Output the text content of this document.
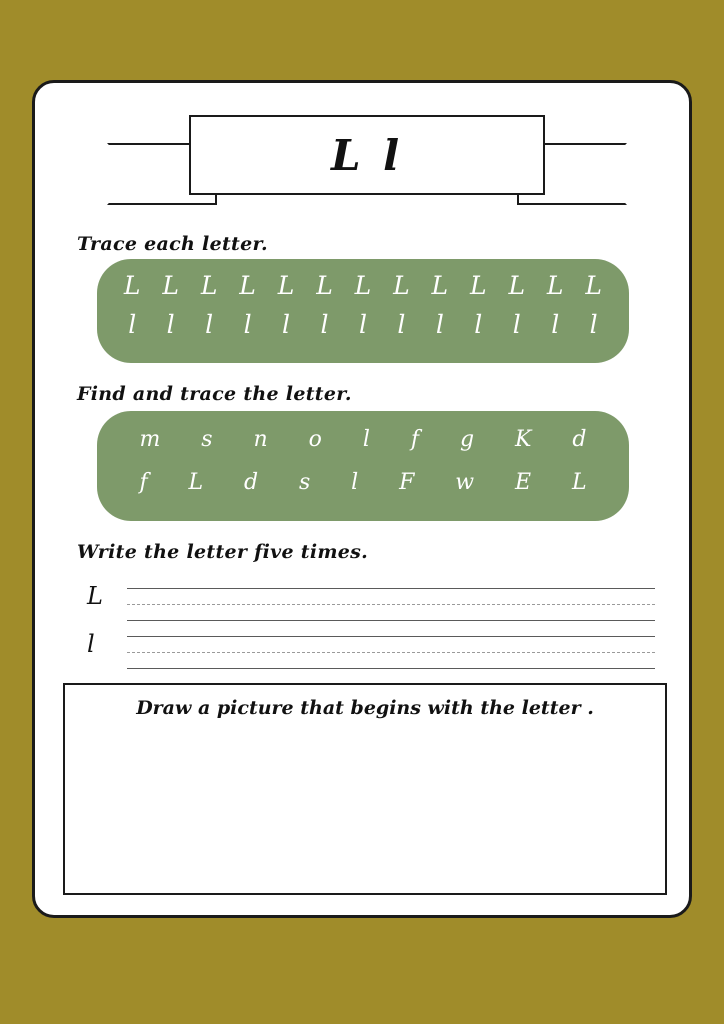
L l
Trace each letter.
L L L L L L L L L L L L L
l l l l l l l l l l l l l
Find and trace the letter.
m s n o l f g K d
f L d s l F w E L
Write the letter five times.
L
l
Draw a picture that begins with the letter .
